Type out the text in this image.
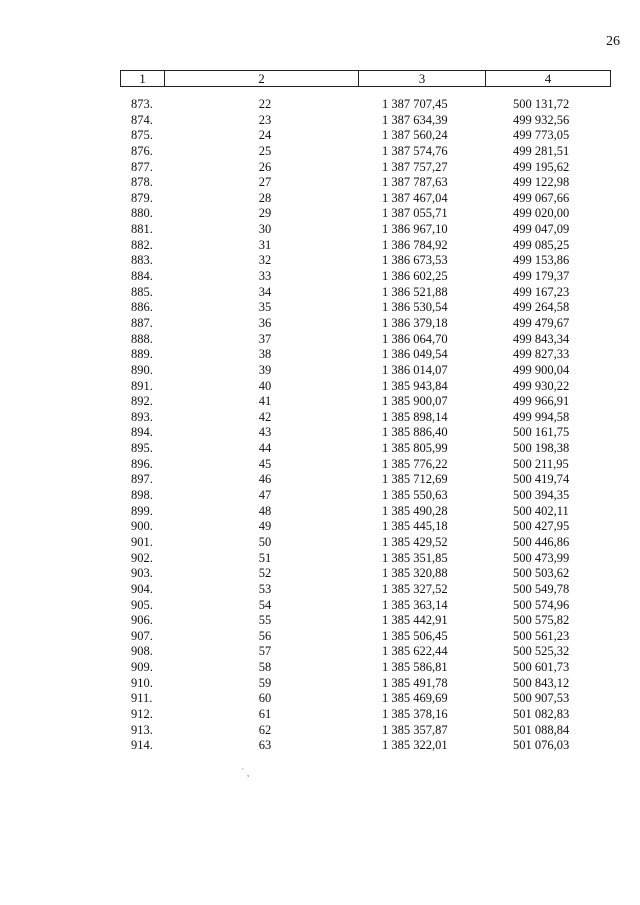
26
1	2	3	4
873.	22	1 387 707,45	500 131,72
874.	23	1 387 634,39	499 932,56
875.	24	1 387 560,24	499 773,05
876.	25	1 387 574,76	499 281,51
877.	26	1 387 757,27	499 195,62
878.	27	1 387 787,63	499 122,98
879.	28	1 387 467,04	499 067,66
880.	29	1 387 055,71	499 020,00
881.	30	1 386 967,10	499 047,09
882.	31	1 386 784,92	499 085,25
883.	32	1 386 673,53	499 153,86
884.	33	1 386 602,25	499 179,37
885.	34	1 386 521,88	499 167,23
886.	35	1 386 530,54	499 264,58
887.	36	1 386 379,18	499 479,67
888.	37	1 386 064,70	499 843,34
889.	38	1 386 049,54	499 827,33
890.	39	1 386 014,07	499 900,04
891.	40	1 385 943,84	499 930,22
892.	41	1 385 900,07	499 966,91
893.	42	1 385 898,14	499 994,58
894.	43	1 385 886,40	500 161,75
895.	44	1 385 805,99	500 198,38
896.	45	1 385 776,22	500 211,95
897.	46	1 385 712,69	500 419,74
898.	47	1 385 550,63	500 394,35
899.	48	1 385 490,28	500 402,11
900.	49	1 385 445,18	500 427,95
901.	50	1 385 429,52	500 446,86
902.	51	1 385 351,85	500 473,99
903.	52	1 385 320,88	500 503,62
904.	53	1 385 327,52	500 549,78
905.	54	1 385 363,14	500 574,96
906.	55	1 385 442,91	500 575,82
907.	56	1 385 506,45	500 561,23
908.	57	1 385 622,44	500 525,32
909.	58	1 385 586,81	500 601,73
910.	59	1 385 491,78	500 843,12
911.	60	1 385 469,69	500 907,53
912.	61	1 385 378,16	501 082,83
913.	62	1 385 357,87	501 088,84
914.	63	1 385 322,01	501 076,03
` ,
